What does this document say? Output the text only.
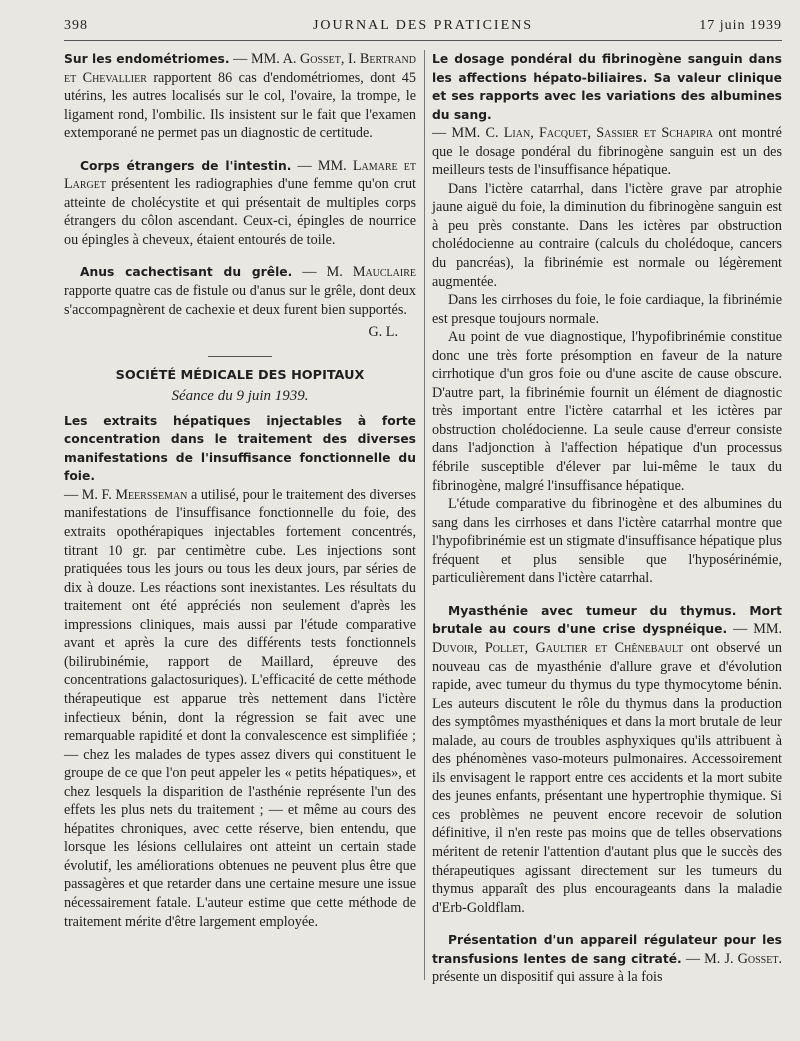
398	JOURNAL DES PRATICIENS	17 juin 1939

Sur les endométriomes. — MM. A. Gosset, I. Bertrand et Chevallier rapportent 86 cas d'endométriomes, dont 45 utérins, les autres localisés sur le col, l'ovaire, la trompe, le ligament rond, l'ombilic. Ils insistent sur le fait que l'examen extemporané ne permet pas un diagnostic de certitude.

Corps étrangers de l'intestin. — MM. Lamare et Larget présentent les radiographies d'une femme qu'on crut atteinte de cholécystite et qui présentait de multiples corps étrangers du côlon ascendant. Ceux-ci, épingles de nourrice ou épingles à cheveux, étaient entourés de toile.

Anus cachectisant du grêle. — M. Mauclaire rapporte quatre cas de fistule ou d'anus sur le grêle, dont deux s'accompagnèrent de cachexie et deux furent bien supportés.

G. L.
SOCIÉTÉ MÉDICALE DES HOPITAUX
Séance du 9 juin 1939.
Les extraits hépatiques injectables à forte concentration dans le traitement des diverses manifestations de l'insuffisance fonctionnelle du foie.

— M. F. Meersseman a utilisé, pour le traitement des diverses manifestations de l'insuffisance fonctionnelle du foie, des extraits opothérapiques injectables fortement concentrés, titrant 10 gr. par centimètre cube. Les injections sont pratiquées tous les jours ou tous les deux jours, par séries de dix à douze. Les réactions sont inexistantes. Les résultats du traitement ont été appréciés non seulement d'après les impressions cliniques, mais aussi par l'étude comparative avant et après la cure des différents tests fonctionnels (bilirubinémie, rapport de Maillard, épreuve des concentrations galactosuriques). L'efficacité de cette méthode thérapeutique est apparue très nettement dans l'ictère infectieux bénin, dont la régression se fait avec une remarquable rapidité et dont la convalescence est simplifiée ; — chez les malades de types assez divers qui constituent le groupe de ce que l'on peut appeler les « petits hépatiques», et chez lesquels la disparition de l'asthénie représente l'un des effets les plus nets du traitement ; — et même au cours des hépatites chroniques, avec cette réserve, bien entendu, que lorsque les lésions cellulaires ont atteint un certain stade évolutif, les améliorations obtenues ne peuvent plus être que passagères et que retarder dans une certaine mesure une issue nécessairement fatale. L'auteur estime que cette méthode de traitement mérite d'être largement employée.

Le dosage pondéral du fibrinogène sanguin dans les affections hépato-biliaires. Sa valeur clinique et ses rapports avec les variations des albumines du sang.

— MM. C. Lian, Facquet, Sassier et Schapira ont montré que le dosage pondéral du fibrinogène sanguin est un des meilleurs tests de l'insuffisance hépatique.

Dans l'ictère catarrhal, dans l'ictère grave par atrophie jaune aiguë du foie, la diminution du fibrinogène sanguin est à peu près constante. Dans les ictères par obstruction cholédocienne au contraire (calculs du cholédoque, cancers du pancréas), la fibrinémie est normale ou légèrement augmentée.

Dans les cirrhoses du foie, le foie cardiaque, la fibrinémie est presque toujours normale.

Au point de vue diagnostique, l'hypofibrinémie constitue donc une très forte présomption en faveur de la nature cirrhotique d'un gros foie ou d'une ascite de cause obscure. D'autre part, la fibrinémie fournit un élément de diagnostic très important entre l'ictère catarrhal et les ictères par obstruction cholédocienne. La seule cause d'erreur consiste dans l'adjonction à l'affection hépatique d'un processus fébrile susceptible d'élever par lui-même le taux du fibrinogène, malgré l'insuffisance hépatique.

L'étude comparative du fibrinogène et des albumines du sang dans les cirrhoses et dans l'ictère catarrhal montre que l'hypofibrinémie est un stigmate d'insuffisance hépatique plus fréquent et plus sensible que l'hyposérinémie, particulièrement dans l'ictère catarrhal.

Myasthénie avec tumeur du thymus. Mort brutale au cours d'une crise dyspnéique. — MM. Duvoir, Pollet, Gaultier et Chênebault ont observé un nouveau cas de myasthénie d'allure grave et d'évolution rapide, avec tumeur du thymus du type thymocytome bénin. Les auteurs discutent le rôle du thymus dans la production des symptômes myasthéniques et dans la mort brutale de leur malade, au cours de troubles asphyxiques qu'ils attribuent à des phénomènes vaso-moteurs pulmonaires. Accessoirement ils envisagent le rapport entre ces accidents et la mort subite des jeunes enfants, présentant une hypertrophie thymique. Si ces problèmes ne peuvent encore recevoir de solution définitive, il n'en reste pas moins que de telles observations méritent de retenir l'attention d'autant plus que le succès des thérapeutiques agissant directement sur les tumeurs du thymus apparaît des plus encourageants dans la maladie d'Erb-Goldflam.

Présentation d'un appareil régulateur pour les transfusions lentes de sang citraté. — M. J. Gosset. présente un dispositif qui assure à la fois
